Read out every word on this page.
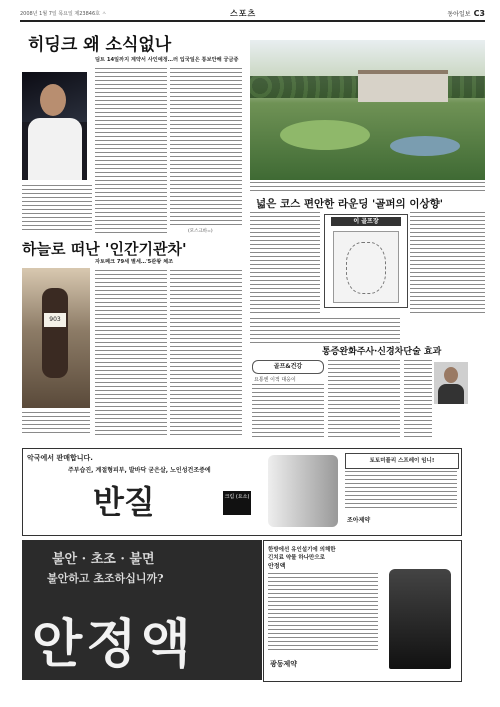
2008년 1월 7일 목요일 제23846호 ㅅ	스포츠	동아일보 C3
히딩크 왜 소식없나
딤트 14일까지 계약서 사인예정…러 입국일은 통보안해 궁금증
(모스크바=)
하늘로 떠난 '인간기관차'
자토페크 79세 별세…'5관왕 체조
903
넓은 코스 편안한 라운딩 '골퍼의 이상향'
이 골프장
통증완화주사·신경차단술 효과
골프&건강
요통엔 이적 대응이
악국에서 판매합니다.
주부습진, 계절형피부, 발바닥 굳은살, 노인성건조증에
반질	크림 (요소)
토토미플리 스프레이 임니!
조아제약
불안 · 초조 · 불면
불안하고 초조하십니까?
안정액
한방에선 유인설기에 의해한
긴치료 약물 하나만으로
안정액
광동제약
